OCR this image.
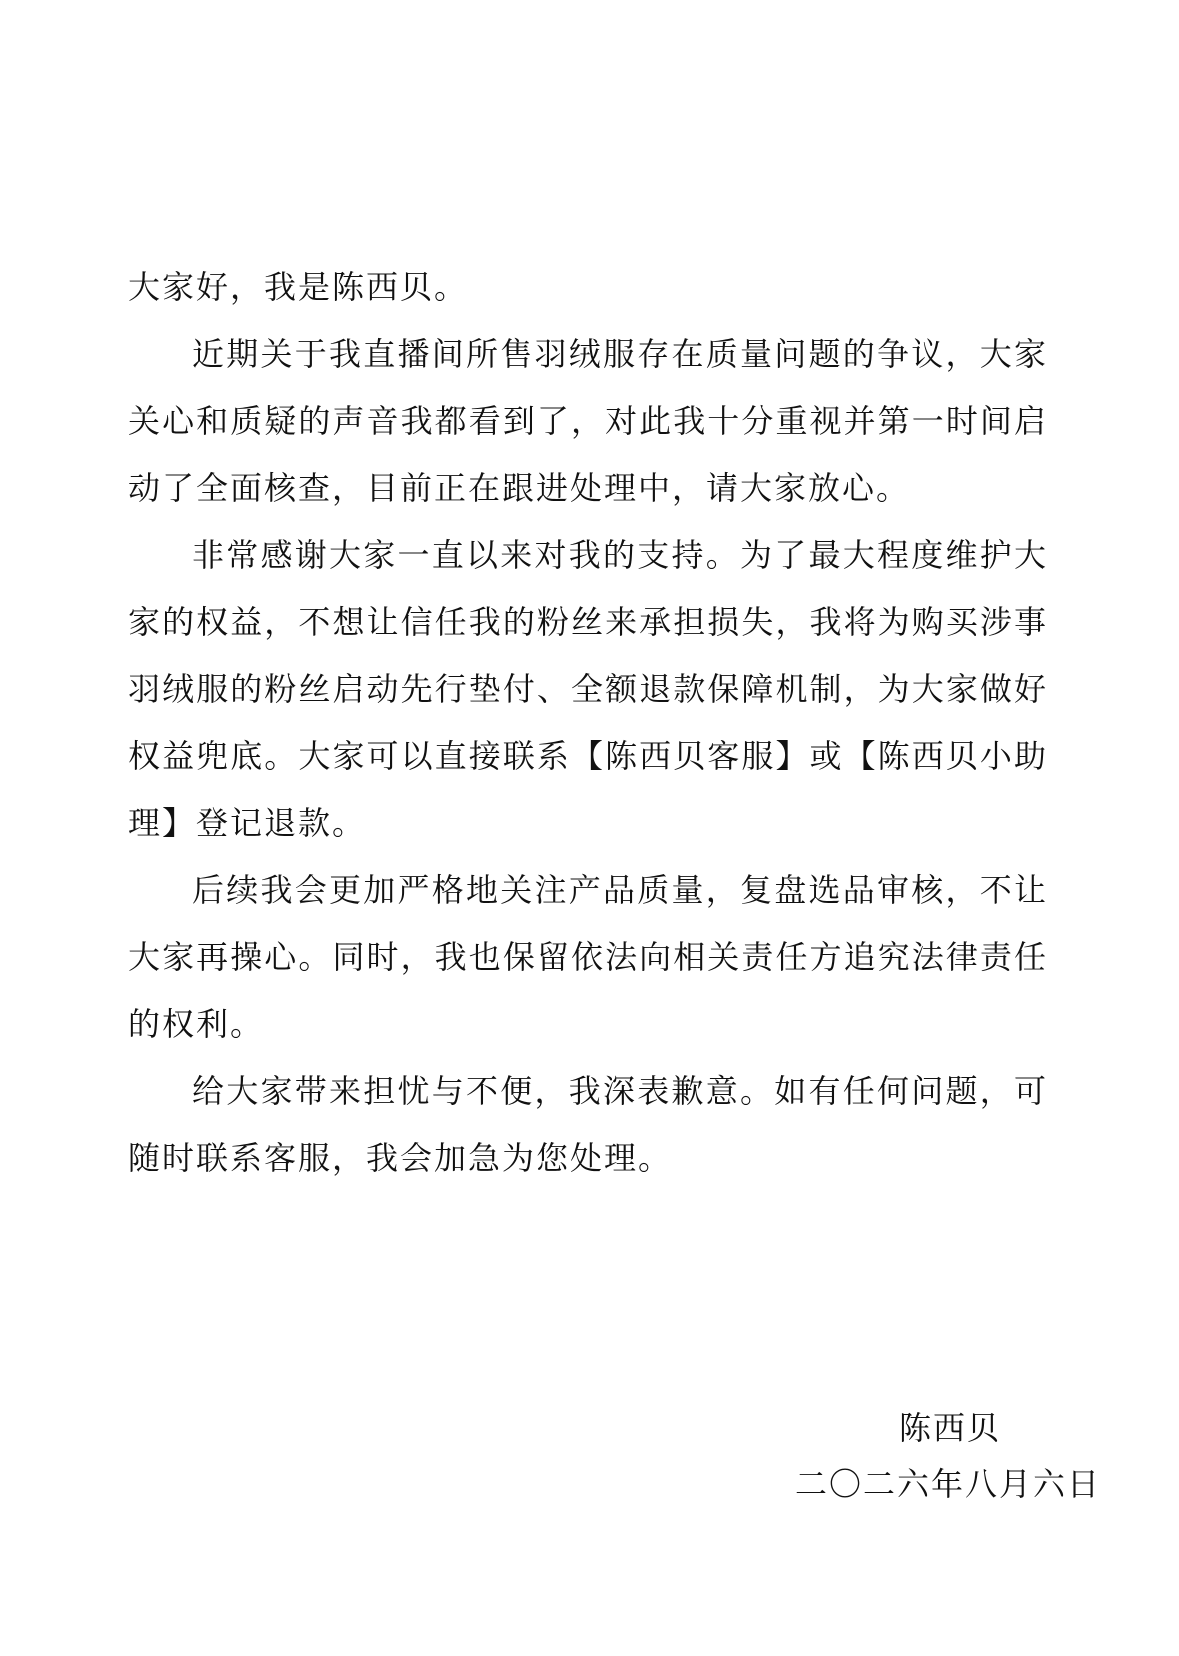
大家好，我是陈西贝。

近期关于我直播间所售羽绒服存在质量问题的争议，大家关心和质疑的声音我都看到了，对此我十分重视并第一时间启动了全面核查，目前正在跟进处理中，请大家放心。

非常感谢大家一直以来对我的支持。为了最大程度维护大家的权益，不想让信任我的粉丝来承担损失，我将为购买涉事羽绒服的粉丝启动先行垫付、全额退款保障机制，为大家做好权益兜底。大家可以直接联系【陈西贝客服】或【陈西贝小助理】登记退款。

后续我会更加严格地关注产品质量，复盘选品审核，不让大家再操心。同时，我也保留依法向相关责任方追究法律责任的权利。

给大家带来担忧与不便，我深表歉意。如有任何问题，可随时联系客服，我会加急为您处理。

陈西贝
二〇二六年八月六日
